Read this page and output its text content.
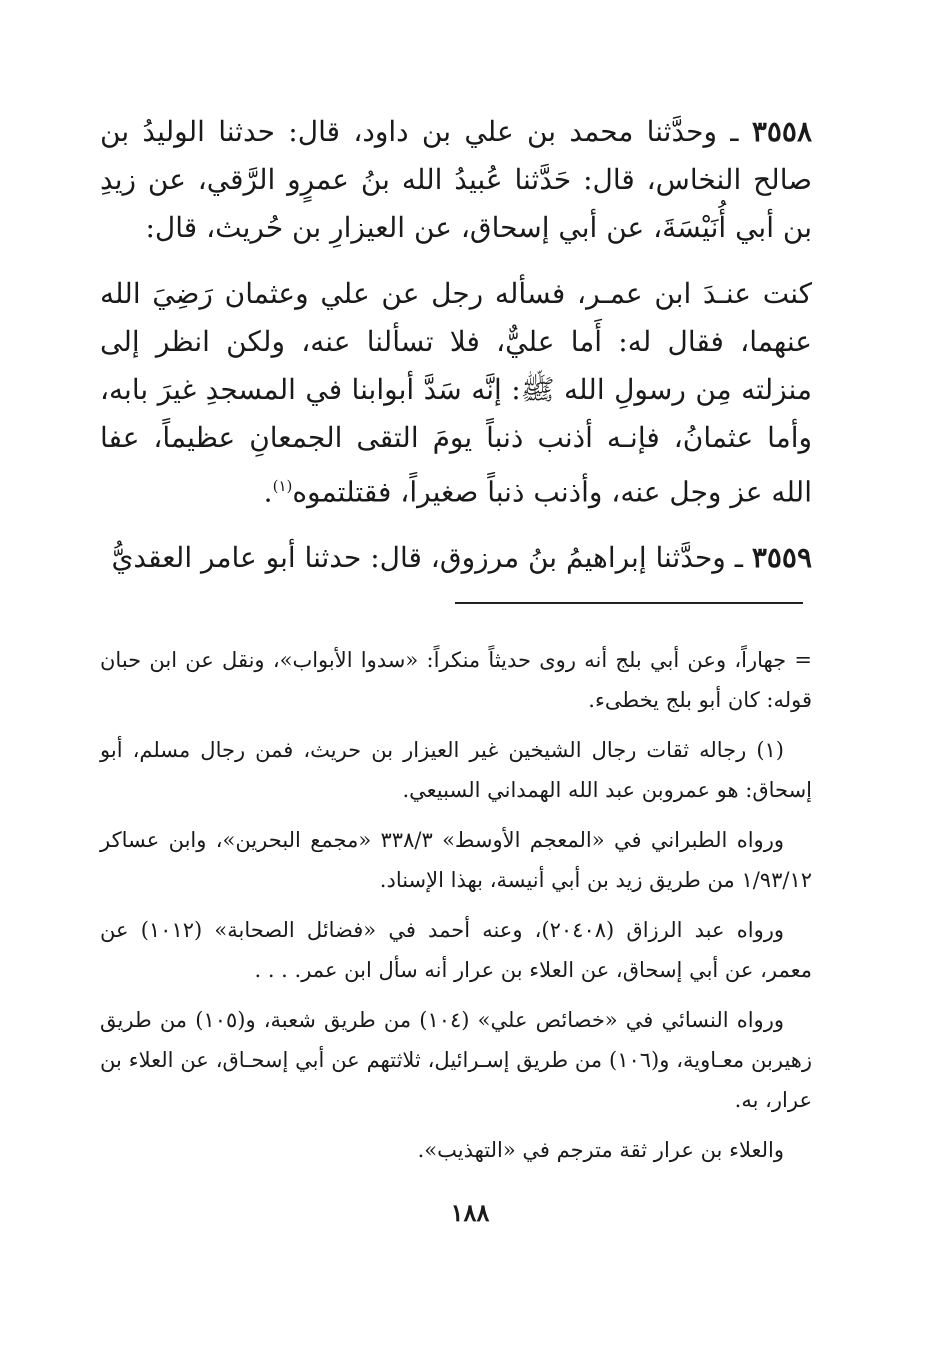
٣٥٥٨ ـ وحدَّثنا محمد بن علي بن داود، قال: حدثنا الوليدُ بن صالح النخاس، قال: حَدَّثنا عُبيدُ الله بنُ عمرٍو الرَّقي، عن زيدِ بن أبي أُنَيْسَةَ، عن أبي إسحاق، عن العيزارِ بن حُريث، قال:

كنت عنـدَ ابن عمـر، فسأله رجل عن علي وعثمان رَضِيَ الله عنهما، فقال له: أَما عليٌّ، فلا تسألنا عنه، ولكن انظر إلى منزلته مِن رسولِ الله ﷺ: إنَّه سَدَّ أبوابنا في المسجدِ غيرَ بابه، وأما عثمانُ، فإنـه أذنب ذنباً يومَ التقى الجمعانِ عظيماً، عفا الله عز وجل عنه، وأذنب ذنباً صغيراً، فقتلتموه$^{(١)}$.

٣٥٥٩ ـ وحدَّثنا إبراهيمُ بنُ مرزوق، قال: حدثنا أبو عامر العقديُّ

= جهاراً، وعن أبي بلج أنه روى حديثاً منكراً: «سدوا الأبواب»، ونقل عن ابن حبان قوله: كان أبو بلج يخطىء.

(١) رجاله ثقات رجال الشيخين غير العيزار بن حريث، فمن رجال مسلم، أبو إسحاق: هو عمروبن عبد الله الهمداني السبيعي.

ورواه الطبراني في «المعجم الأوسط» ٣٣٨/٣ «مجمع البحرين»، وابن عساكر ١/٩٣/١٢ من طريق زيد بن أبي أنيسة، بهذا الإسناد.

ورواه عبد الرزاق (٢٠٤٠٨)، وعنه أحمد في «فضائل الصحابة» (١٠١٢) عن معمر، عن أبي إسحاق، عن العلاء بن عرار أنه سأل ابن عمر. . . .

ورواه النسائي في «خصائص علي» (١٠٤) من طريق شعبة، و(١٠٥) من طريق زهيربن معـاوية، و(١٠٦) من طريق إسـرائيل، ثلاثتهم عن أبي إسحـاق، عن العلاء بن عرار، به.

والعلاء بن عرار ثقة مترجم في «التهذيب».

١٨٨
